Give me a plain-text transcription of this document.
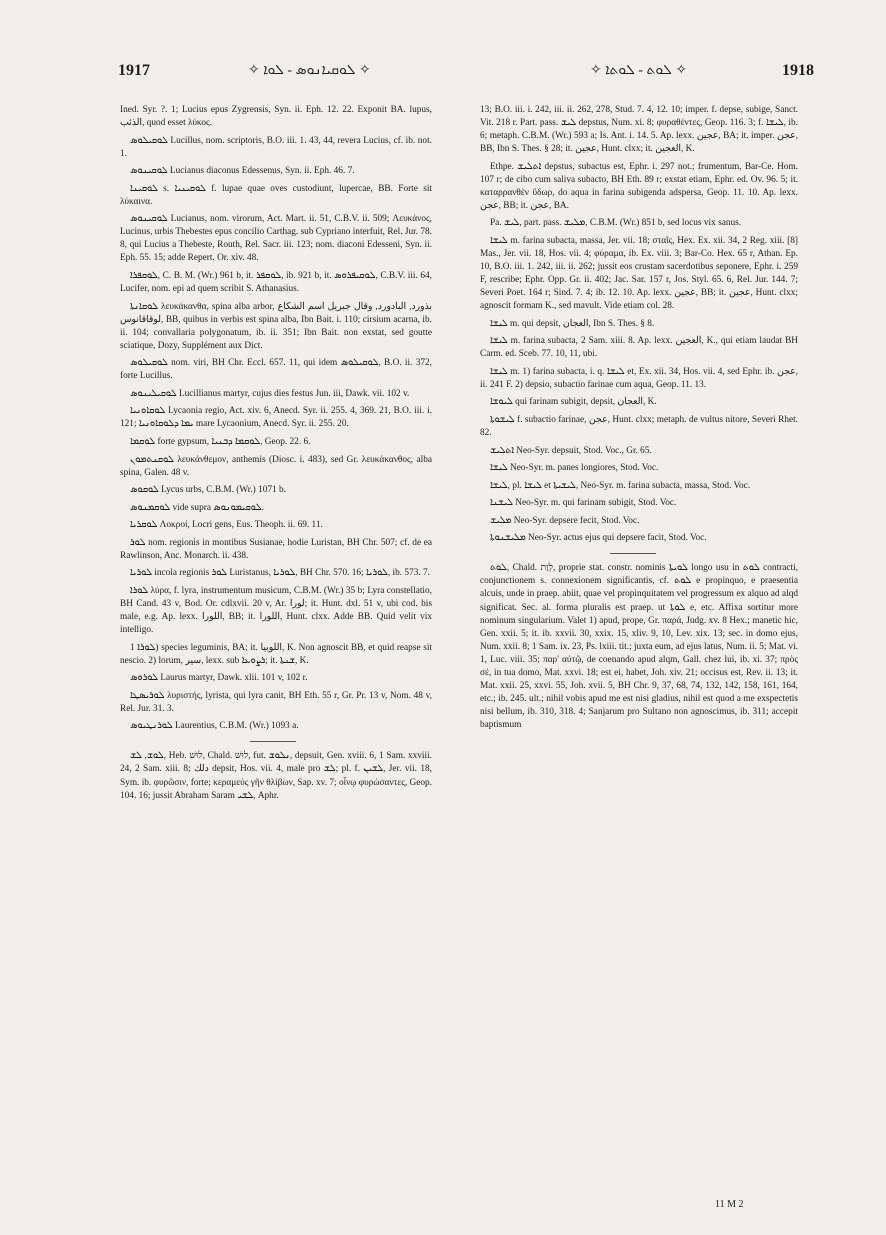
1917	✧ ܠܘܩܝܐܢܘܣ - ܠܘܐ ✧	✧ ܠܘܬ - ܠܘܬܐ ✧	1918

Ined. Syr. ?. 1; Lucius epus Zygrensis, Syn. ii. Eph. 12. 22. Exponit BA. lupus, الذئب, quod esset λύκος.

ܠܘܩܝܠܘܣ Lucillus, nom. scriptoris, B.O. iii. 1. 43, 44, revera Lucius, cf. ib. not. 1.

ܠܘܩܝܢܘܣ Lucianus diaconus Edessenus, Syn. ii. Eph. 46. 7.

ܠܘܩܝܢܐ s. ܠܘܩܝܢܝܐ f. lupae quae oves custodiunt, lupercae, BB. Forte sit λύκαινα.

ܠܘܩܝܢܘܣ Lucianus, nom. virorum, Act. Mart. ii. 51, C.B.V. ii. 509; Λευκάνος, Lucinus, urbis Thebestes epus concilio Carthag. sub Cypriano interfuit, Rel. Jur. 78. 8, qui Lucius a Thebeste, Routh, Rel. Sacr. iii. 123; nom. diaconi Edesseni, Syn. ii. Eph. 55. 15; adde Repert. Or. xiv. 48.

ܠܘܩܦܪܐ, C. B. M. (Wr.) 961 b, it. ܠܘܩܦܪ, ib. 921 b, it. ܠܘܩܝܦܪܘܣ, C.B.V. iii. 64, Lucifer, nom. epi ad quem scribit S. Athanasius.

ܠܘܩܐܢܬܐ λευκάκανθα, spina alba arbor, بذورد, البادورد, وقال جبريل اسم الشكاع لوقاقانوس, BB, quibus in verbis est spina alba, Ibn Bait. i. 110; cirsium acarna, ib. ii. 104; convallaria polygonatum, ib. ii. 351; Ibn Bait. non exstat, sed goutte sciatique, Dozy, Supplément aux Dict.

ܠܘܩܝܠܘܣ nom. viri, BH Chr. Eccl. 657. 11, qui idem ܠܘܩܝܠܘܣ, B.O. ii. 372, forte Lucillus.

ܠܘܩܝܠܝܢܘܣ Lucillianus martyr, cujus dies festus Jun. iii, Dawk. vii. 102 v.

ܠܘܩܐܘܢܝܐ Lycaonia regio, Act. xiv. 6, Anecd. Syr. ii. 255. 4, 369. 21, B.O. iii. i. 121; ܝܡܐ ܕܠܘܩܐܘܢܝܐ mare Lycaonium, Anecd. Syr. ii. 255. 20.

ܠܘܩܡܐ forte gypsum, ܠܘܩܡܐ ܕܒܢܝܐ, Geop. 22. 6.

ܠܘܩܢܬܡܘܢ λευκάνθεμον, anthemis (Diosc. i. 483), sed Gr. λευκάκανθος, alba spina, Galen. 48 v.

ܠܘܩܘܣ Lycus urbs, C.B.M. (Wr.) 1071 b.

ܠܘܩܡܢܘܣ vide supra ܠܘܩܝܡܘܢܘܣ.

ܠܘܩܪܝܐ Λοκροί, Locri gens, Eus. Theoph. ii. 69. 11.

ܠܘܪ nom. regionis in montibus Susianae, hodie Luristan, BH Chr. 507; cf. de ea Rawlinson, Anc. Monarch. ii. 438.

ܠܘܪܝܐ incola regionis ܠܘܪ Luristanus, ܠܘܪܝܐ, BH Chr. 570. 16; ܠܘܪܝܐ, ib. 573. 7.

ܠܘܪܐ λύρα, f. lyra, instrumentum musicum, C.B.M. (Wr.) 35 b; Lyra constellatio, BH Cand. 43 v, Bod. Or. cdlxvii. 20 v, Ar. لورا; it. Hunt. dxl. 51 v, ubi cod. bis male, e.g. Ap. lexx. اللورا, BB; it. اللورا, Hunt. clxx. Adde BB. Quid velit vix intelligo.

ܠܘܪܐ 1) species leguminis, BA; it. اللوبيا, K. Non agnoscit BB, et quid reapse sit nescio. 2) lorum, سير, lexx. sub ܪܨܘܥܐ; it. ܫܢܬܐ, K.

ܠܘܪܘܣ Laurus martyr, Dawk. xlii. 101 v, 102 r.

ܠܘܪܝܣܛܐ λυριστής, lyrista, qui lyra canit, BH Eth. 55 r, Gr. Pr. 13 v, Nom. 48 v, Rel. Jur. 31. 3.

ܠܘܪܢܛܝܘܣ Laurentius, C.B.M. (Wr.) 1093 a.

ܠܘܫ, ܠܫ, Heb. לוּשׁ, Chald. לוּשׁ, fut. ܢܠܘܫ, depsuit, Gen. xviii. 6, 1 Sam. xxviii. 24, 2 Sam. xiii. 8; دلك depsit, Hos. vii. 4, male pro ܠܫ; pl. f. ܠܫܝܢ, Jer. vii. 18, Sym. ib. φυρῶσιν, forte; κεραμεύς γῆν θλίβων, Sap. xv. 7; οἶνῳ φυρώσαντες, Geop. 104. 16; jussit Abraham Saram ܠܫܝ, Aphr.

13; B.O. iii. i. 242, iii. ii. 262, 278, Stud. 7. 4, 12. 10; imper. f. depse, subige, Sanct. Vit. 218 r. Part. pass. ܠܝܫ depstus, Num. xi. 8; φυραθέντες, Geop. 116. 3; f. ܠܝܫܐ, ib. 6; metaph. C.B.M. (Wr.) 593 a; Is. Ant. i. 14. 5. Ap. lexx. عجين, BA; it. imper. عجن, BB, Ibn S. Thes. § 28; it. عجين, Hunt. clxx; it. العجين, K.

Ethpe. ܐܬܠܝܫ depstus, subactus est, Ephr. i. 297 not.; frumentum, Bar-Ce. Hom. 107 r; de cibo cum saliva subacto, BH Eth. 89 r; exstat etiam, Ephr. ed. Ov. 96. 5; it. καταρρανθὲν ὕδωρ, do aqua in farina subigenda adspersa, Geop. 11. 10. Ap. lexx. عجن, BB; it. عجن, BA.

Pa. ܠܝܫ, part. pass. ܡܠܝܫ, C.B.M. (Wr.) 851 b, sed locus vix sanus.

ܠܝܫܐ m. farina subacta, massa, Jer. vii. 18; σταῖς, Hex. Ex. xii. 34, 2 Reg. xiii. [8] Mas., Jer. vii. 18, Hos. vii. 4; φύραμα, ib. Ex. viii. 3; Bar-Co. Hex. 65 r, Athan. Ep. 10, B.O. iii. 1. 242, iii. ii. 262; jussit eos crustam sacerdotibus seponere, Ephr. i. 259 F, rescribe; Ephr. Opp. Gr. ii. 402; Jac. Sar. 157 r, Jos. Styl. 65. 6, Rel. Jur. 144. 7; Severi Poet. 164 r; Sind. 7. 4; ib. 12. 10. Ap. lexx. عجين, BB; it. عجين, Hunt. clxx; agnoscit formam K., sed mavult. Vide etiam col. 28.

ܠܝܫܐ m. qui depsit, العجان, Ibn S. Thes. § 8.

ܠܝܫܐ m. farina subacta, 2 Sam. xiii. 8. Ap. lexx. العجين, K., qui etiam laudat BH Carm. ed. Sceb. 77. 10, 11, ubi.

ܠܝܫܐ m. 1) farina subacta, i. q. ܠܝܫܐ et, Ex. xii. 34, Hos. vii. 4, sed Ephr. ib. عجن, ii. 241 F. 2) depsio, subactio farinae cum aqua, Geop. 11. 13.

ܠܝܘܫܐ qui farinam subigit, depsit, العجان, K.

ܠܝܫܘܬܐ f. subactio farinae, عجن, Hunt. clxx; metaph. de vultus nitore, Severi Rhet. 82.

ܐܬܠܝܫ Neo-Syr. depsuit, Stod. Voc., Gr. 65.

ܠܝܫܐ Neo-Syr. m. panes longiores, Stod. Voc.

ܠܝܫܐ, pl. ܠܝܫܐ et ܠܝܫܝܬܐ, Neo-Syr. m. farina subacta, massa, Stod. Voc.

ܠܝܫܢܐ Neo-Syr. m. qui farinam subigit, Stod. Voc.

ܡܠܝܫ Neo-Syr. depsere fecit, Stod. Voc.

ܡܠܝܫܢܘܬܐ Neo-Syr. actus ejus qui depsere facit, Stod. Voc.

ܠܘܬ, Chald. לְוָת, proprie stat. constr. nominis ܠܘܝܬܐ longo usu in ܠܘܬ contracti, conjunctionem s. connexionem significantis, cf. ܠܘܬ e propinquo, e praesentia alcuis, unde in praep. abiit, quae vel propinquitatem vel progressum ex alquo ad alqd significat. Sec. al. forma pluralis est praep. ut ܠܘܬܐ e, etc. Affixa sortitur more nominum singularium. Valet 1) apud, prope, Gr. παρά, Judg. xv. 8 Hex.; manetic hic, Gen. xxii. 5; it. ib. xxvii. 30, xxix. 15, xliv. 9, 10, Lev. xix. 13; sec. in domo ejus, Num. xxii. 8; 1 Sam. ix. 23, Ps. lxiii. tit.; juxta eum, ad ejus latus, Num. ii. 5; Mat. vi. 1, Luc. viii. 35; παρ' αὐτῷ, de coenando apud alqm, Gall. chez lui, ib. xi. 37; πρὸς σέ, in tua domo, Mat. xxvi. 18; est ei, habet, Joh. xiv. 21; occisus est, Rev. ii. 13; it. Mat. xxii. 25, xxvi. 55, Joh. xvii. 5, BH Chr. 9, 37, 68, 74, 132, 142, 158, 161, 164, etc.; ib. 245. ult.; nihil vobis apud me est nisi gladius, nihil est quod a me exspectetis nisi bellum, ib. 310, 318. 4; Sanjarum pro Sultano non agnoscimus, ib. 311; accepit baptismum

11 M 2
